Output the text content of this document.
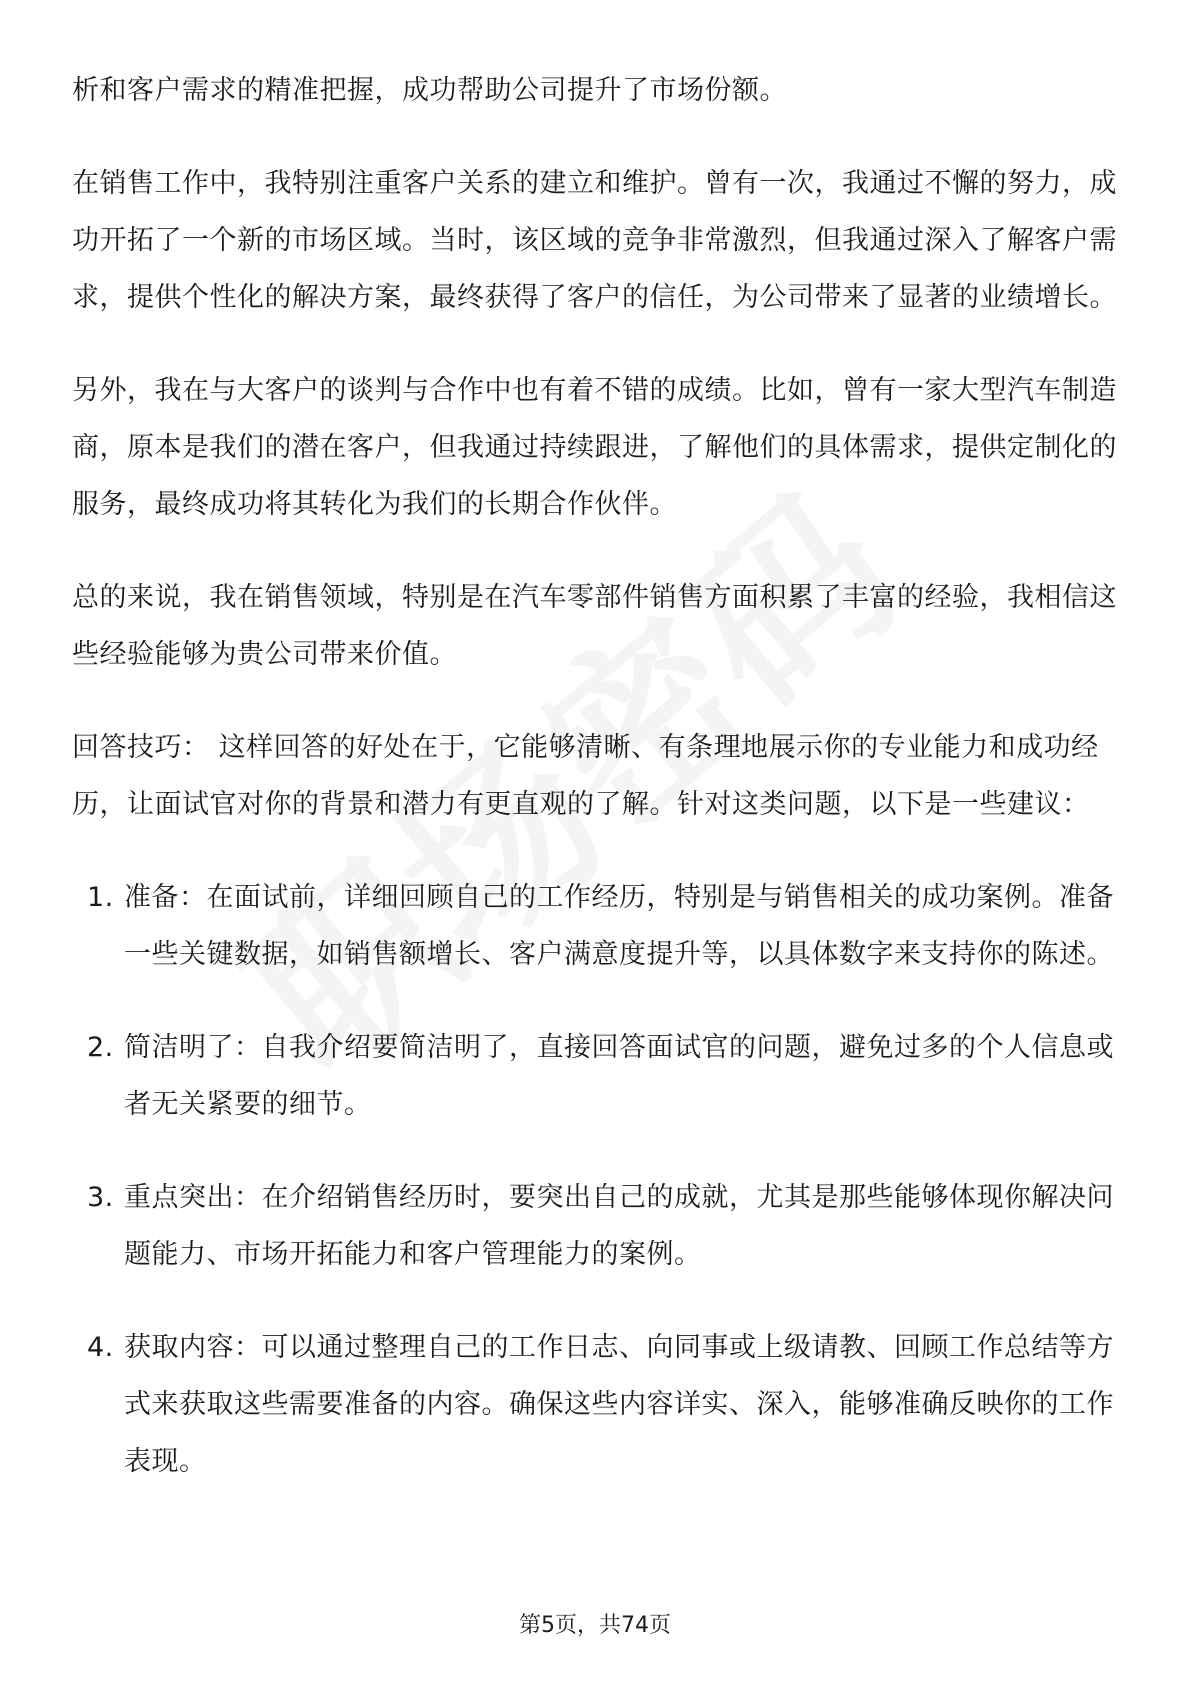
析和客户需求的精准把握，成功帮助公司提升了市场份额。

在销售工作中，我特别注重客户关系的建立和维护。曾有一次，我通过不懈的努力，成功开拓了一个新的市场区域。当时，该区域的竞争非常激烈，但我通过深入了解客户需求，提供个性化的解决方案，最终获得了客户的信任，为公司带来了显著的业绩增长。

另外，我在与大客户的谈判与合作中也有着不错的成绩。比如，曾有一家大型汽车制造商，原本是我们的潜在客户，但我通过持续跟进，了解他们的具体需求，提供定制化的服务，最终成功将其转化为我们的长期合作伙伴。

总的来说，我在销售领域，特别是在汽车零部件销售方面积累了丰富的经验，我相信这些经验能够为贵公司带来价值。

回答技巧： 这样回答的好处在于，它能够清晰、有条理地展示你的专业能力和成功经历，让面试官对你的背景和潜力有更直观的了解。针对这类问题，以下是一些建议：

1. 准备：在面试前，详细回顾自己的工作经历，特别是与销售相关的成功案例。准备一些关键数据，如销售额增长、客户满意度提升等，以具体数字来支持你的陈述。
2. 简洁明了：自我介绍要简洁明了，直接回答面试官的问题，避免过多的个人信息或者无关紧要的细节。
3. 重点突出：在介绍销售经历时，要突出自己的成就，尤其是那些能够体现你解决问题能力、市场开拓能力和客户管理能力的案例。
4. 获取内容：可以通过整理自己的工作日志、向同事或上级请教、回顾工作总结等方式来获取这些需要准备的内容。确保这些内容详实、深入，能够准确反映你的工作表现。
第5页，共74页
